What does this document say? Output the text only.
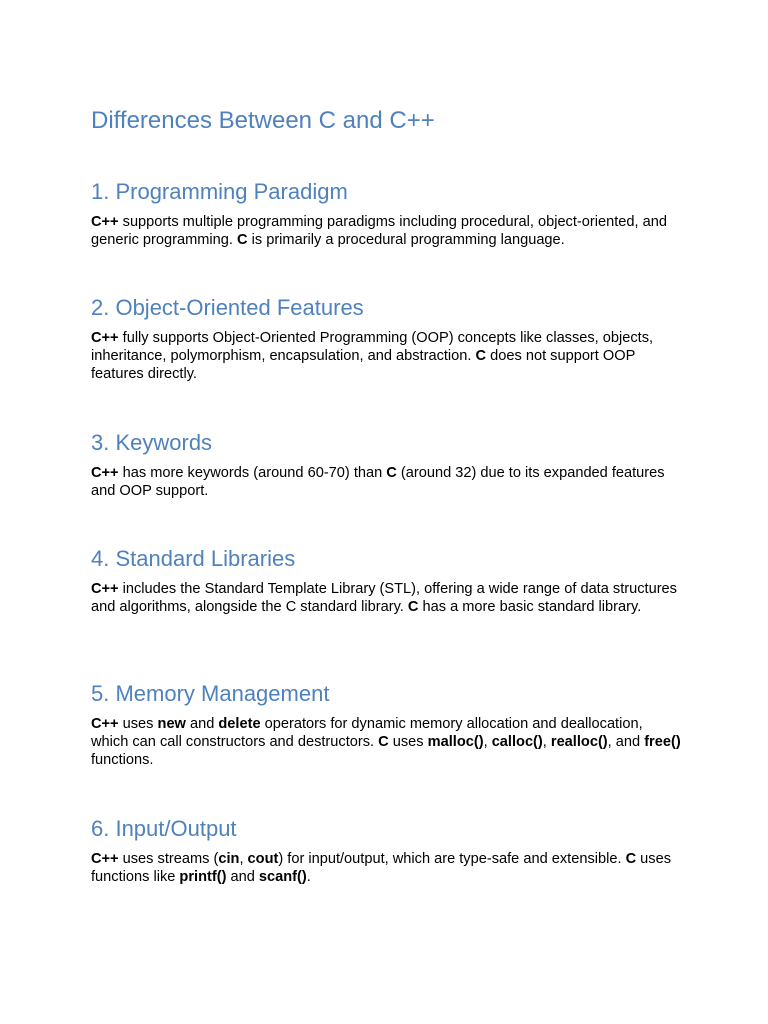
Differences Between C and C++
1. Programming Paradigm

C++ supports multiple programming paradigms including procedural, object-oriented, and generic programming. C is primarily a procedural programming language.

2. Object-Oriented Features

C++ fully supports Object-Oriented Programming (OOP) concepts like classes, objects, inheritance, polymorphism, encapsulation, and abstraction. C does not support OOP features directly.

3. Keywords

C++ has more keywords (around 60-70) than C (around 32) due to its expanded features and OOP support.

4. Standard Libraries

C++ includes the Standard Template Library (STL), offering a wide range of data structures and algorithms, alongside the C standard library. C has a more basic standard library.

5. Memory Management

C++ uses new and delete operators for dynamic memory allocation and deallocation, which can call constructors and destructors. C uses malloc(), calloc(), realloc(), and free() functions.

6. Input/Output

C++ uses streams (cin, cout) for input/output, which are type-safe and extensible. C uses functions like printf() and scanf().
